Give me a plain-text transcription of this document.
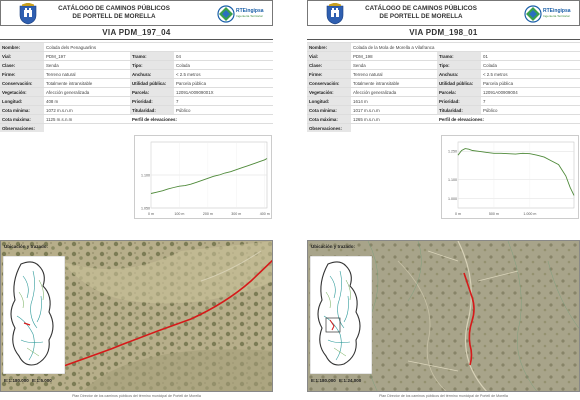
CATÁLOGO DE CAMINOS PÚBLICOS
DE PORTELL DE MORELLA
RTEingipsa
Ingeniería Territorial
VIA PDM_197_04
Nombre:	Colada dels Penaguarlins		
Vial:	PDM_197	Tramo:	04
Clase:	Senda	Tipo:	Colada
Firme:	Terreno natural	Anchura:	< 2.5 metros
Conservación:	Totalmente intransitable	Utilidad pública:	Parcela pública
Vegetación:	Afección generalizada	Parcela:	12091A00909001X
Longitud:	408 m	Prioridad:	7
Cota mínima:	1072 m.s.n.m	Titularidad:	Público
Cota máxima:	1125 m.s.n.m	Perfil de elevaciones:	
Observaciones:			
1.100
1.050
0 m	100 m	200 m	300 m	400 m
Ubicación y trazado:
E:1:180.000 E:1:5.000
Plan Director de los caminos públicos del término municipal de Portell de Morella
CATÁLOGO DE CAMINOS PÚBLICOS
DE PORTELL DE MORELLA
RTEingipsa
Ingeniería Territorial
VIA PDM_198_01
Nombre:	Colada de la Mola de Morella a Vilafranca		
Vial:	PDM_198	Tramo:	01
Clase:	Senda	Tipo:	Colada
Firme:	Terreno natural	Anchura:	< 2.5 metros
Conservación:	Totalmente intransitable	Utilidad pública:	Parcela pública
Vegetación:	Afección generalizada	Parcela:	12091A00909004
Longitud:	1614 m	Prioridad:	7
Cota mínima:	1017 m.s.n.m	Titularidad:	Público
Cota máxima:	1265 m.s.n.m	Perfil de elevaciones:	
Observaciones:			
1.250
1.100
1.000
0 m	500 m	1.000 m
Ubicación y trazado:
E:1:180.000 E:1:24.000
Plan Director de los caminos públicos del término municipal de Portell de Morella
